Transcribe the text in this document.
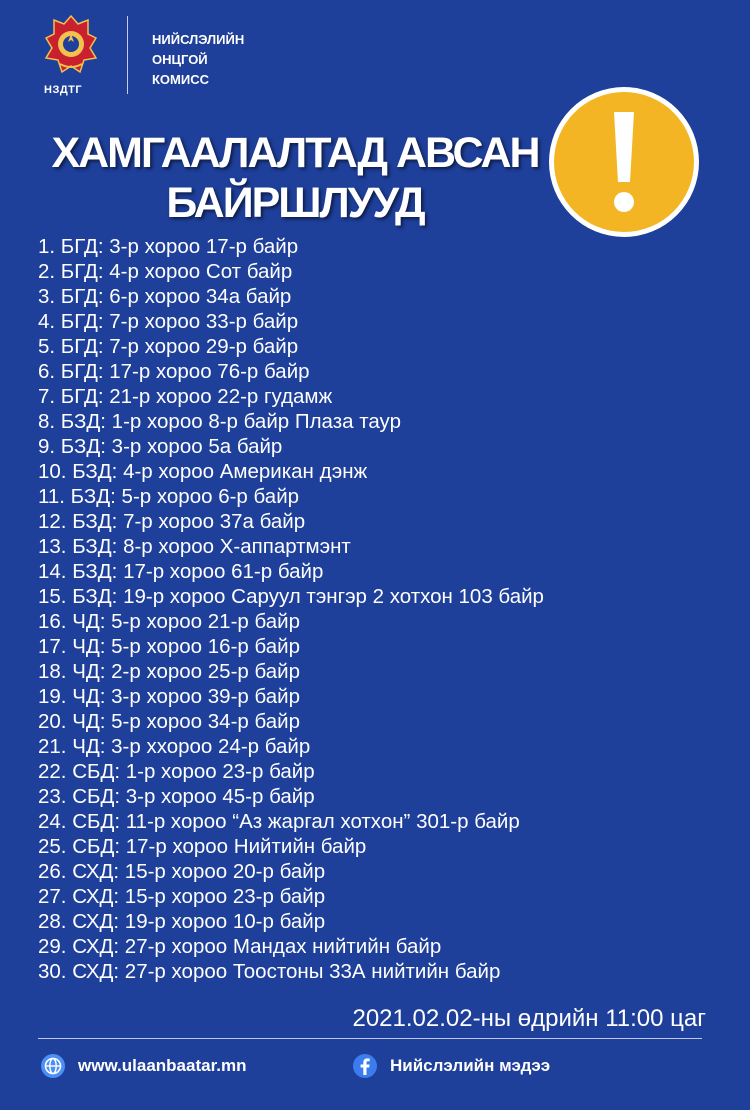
НЗДТГ
НИЙСЛЭЛИЙН
ОНЦГОЙ
КОМИСС
ХАМГААЛАЛТАД АВСАН
БАЙРШЛУУД
1. БГД: 3-р хороо 17-р байр
2. БГД: 4-р хороо Сот байр
3. БГД: 6-р хороо 34а байр
4. БГД: 7-р хороо 33-р байр
5. БГД: 7-р хороо 29-р байр
6. БГД: 17-р хороо 76-р байр
7. БГД: 21-р хороо 22-р гудамж
8. БЗД: 1-р хороо 8-р байр Плаза таур
9. БЗД: 3-р хороо 5а байр
10. БЗД: 4-р хороо Американ дэнж
11. БЗД: 5-р хороо 6-р байр
12. БЗД: 7-р хороо 37а байр
13. БЗД: 8-р хороо Х-аппартмэнт
14. БЗД: 17-р хороо 61-р байр
15. БЗД: 19-р хороо Саруул тэнгэр 2 хотхон 103 байр
16. ЧД: 5-р хороо 21-р байр
17. ЧД: 5-р хороо 16-р байр
18. ЧД: 2-р хороо 25-р байр
19. ЧД: 3-р хороо 39-р байр
20. ЧД: 5-р хороо 34-р байр
21. ЧД: 3-р ххороо 24-р байр
22. СБД: 1-р хороо 23-р байр
23. СБД: 3-р хороо 45-р байр
24. СБД: 11-р хороо “Аз жаргал хотхон” 301-р байр
25. СБД: 17-р хороо Нийтийн байр
26. СХД: 15-р хороо 20-р байр
27. СХД: 15-р хороо 23-р байр
28. СХД: 19-р хороо 10-р байр
29. СХД: 27-р хороо Мандах нийтийн байр
30. СХД: 27-р хороо Тоостоны 33А нийтийн байр
2021.02.02-ны өдрийн 11:00 цаг
www.ulaanbaatar.mn	Нийслэлийн мэдээ
